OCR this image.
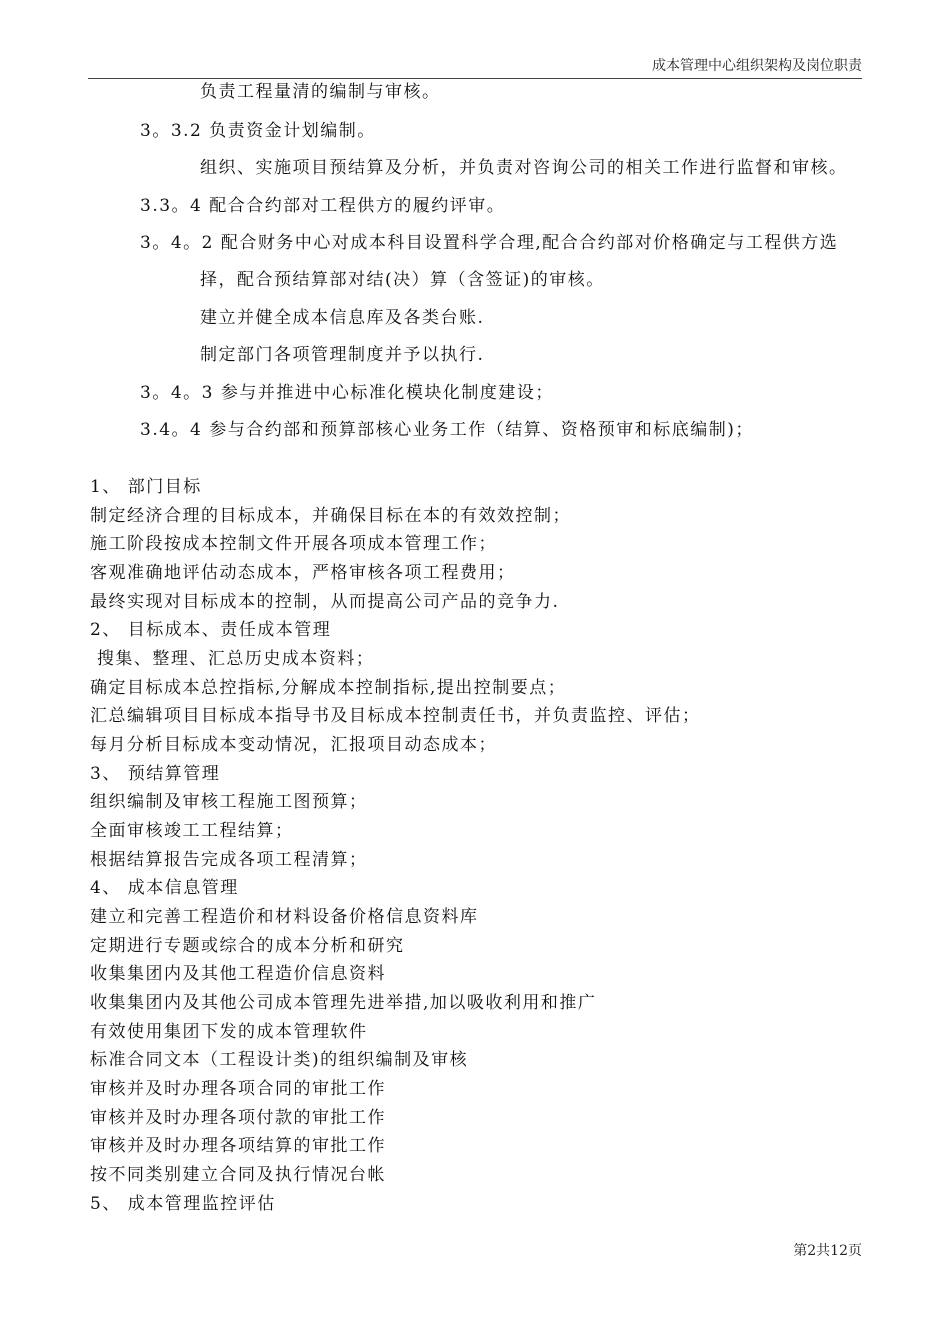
成本管理中心组织架构及岗位职责
负责工程量清的编制与审核。
3。3.2 负责资金计划编制。
组织、实施项目预结算及分析，并负责对咨询公司的相关工作进行监督和审核。
3.3。4 配合合约部对工程供方的履约评审。
3。4。2 配合财务中心对成本科目设置科学合理,配合合约部对价格确定与工程供方选
择，配合预结算部对结(决）算（含签证)的审核。
建立并健全成本信息库及各类台账.
制定部门各项管理制度并予以执行.
3。4。3 参与并推进中心标准化模块化制度建设；
3.4。4 参与合约部和预算部核心业务工作（结算、资格预审和标底编制)；
1、 部门目标
制定经济合理的目标成本，并确保目标在本的有效效控制；
施工阶段按成本控制文件开展各项成本管理工作；
客观准确地评估动态成本，严格审核各项工程费用；
最终实现对目标成本的控制，从而提高公司产品的竞争力.
2、 目标成本、责任成本管理
搜集、整理、汇总历史成本资料；
确定目标成本总控指标,分解成本控制指标,提出控制要点；
汇总编辑项目目标成本指导书及目标成本控制责任书，并负责监控、评估；
每月分析目标成本变动情况，汇报项目动态成本；
3、 预结算管理
组织编制及审核工程施工图预算；
全面审核竣工工程结算；
根据结算报告完成各项工程清算；
4、 成本信息管理
建立和完善工程造价和材料设备价格信息资料库
定期进行专题或综合的成本分析和研究
收集集团内及其他工程造价信息资料
收集集团内及其他公司成本管理先进举措,加以吸收利用和推广
有效使用集团下发的成本管理软件
标准合同文本（工程设计类)的组织编制及审核
审核并及时办理各项合同的审批工作
审核并及时办理各项付款的审批工作
审核并及时办理各项结算的审批工作
按不同类别建立合同及执行情况台帐
5、 成本管理监控评估
第2共12页
